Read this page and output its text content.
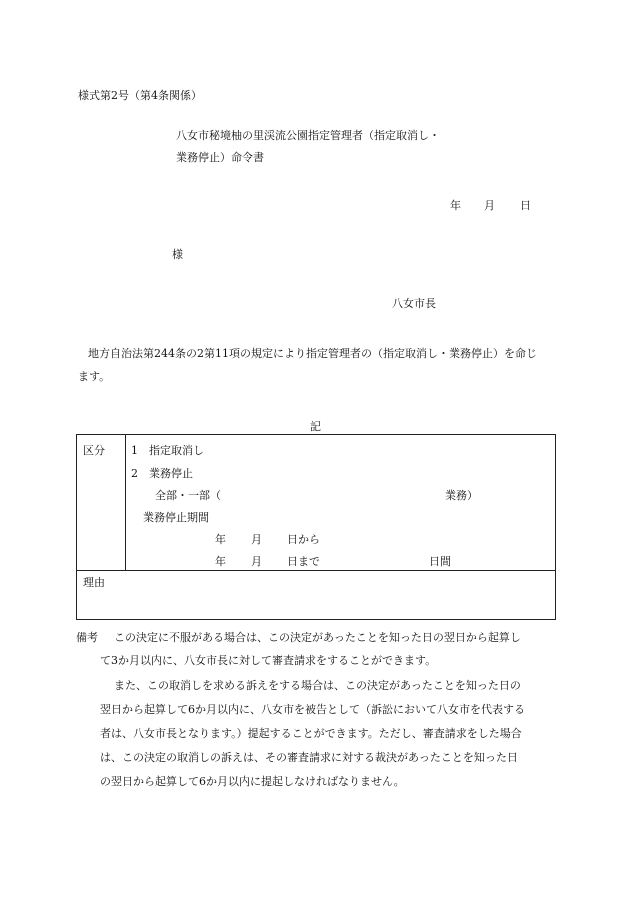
様式第2号（第4条関係）
八女市秘境柚の里渓流公園指定管理者（指定取消し・
業務停止）命令書
年 月 日
様
八女市長
地方自治法第244条の2第11項の規定により指定管理者の（指定取消し・業務停止）を命じ
ます。
記
区分 1　指定取消し
2　業務停止
全部・一部（	業務）
業務停止期間
年 月 日から
年 月 日まで	日間
理由
備考 この決定に不服がある場合は、この決定があったことを知った日の翌日から起算し
て3か月以内に、八女市長に対して審査請求をすることができます。
また、この取消しを求める訴えをする場合は、この決定があったことを知った日の
翌日から起算して6か月以内に、八女市を被告として（訴訟において八女市を代表する
者は、八女市長となります。）提起することができます。ただし、審査請求をした場合
は、この決定の取消しの訴えは、その審査請求に対する裁決があったことを知った日
の翌日から起算して6か月以内に提起しなければなりません。
